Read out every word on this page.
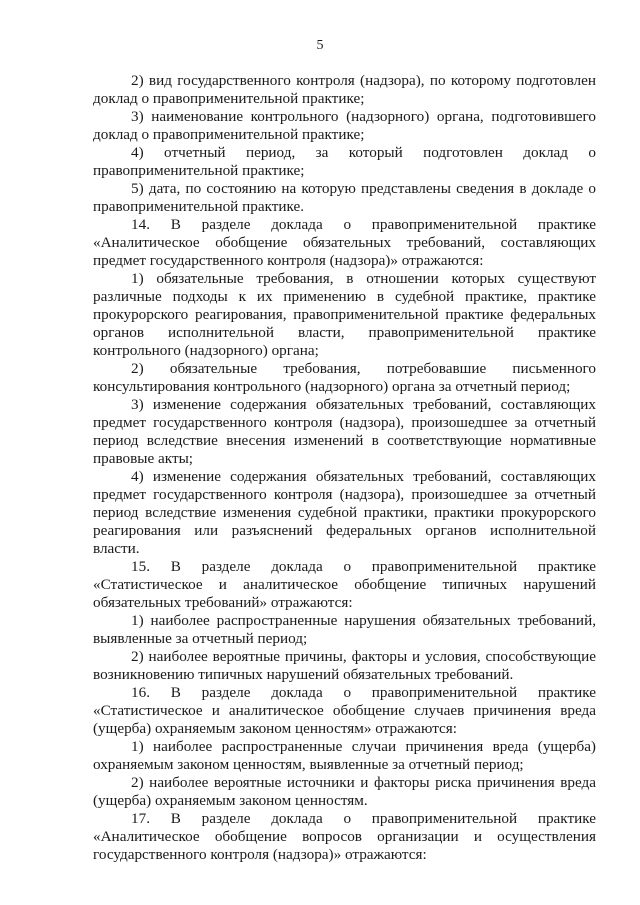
5

2) вид государственного контроля (надзора), по которому подготовлен доклад о правоприменительной практике;

3) наименование контрольного (надзорного) органа, подготовившего доклад о правоприменительной практике;

4) отчетный период, за который подготовлен доклад о правоприменительной практике;

5) дата, по состоянию на которую представлены сведения в докладе о правоприменительной практике.

14. В разделе доклада о правоприменительной практике «Аналитическое обобщение обязательных требований, составляющих предмет государственного контроля (надзора)» отражаются:

1) обязательные требования, в отношении которых существуют различные подходы к их применению в судебной практике, практике прокурорского реагирования, правоприменительной практике федеральных органов исполнительной власти, правоприменительной практике контрольного (надзорного) органа;

2) обязательные требования, потребовавшие письменного консультирования контрольного (надзорного) органа за отчетный период;

3) изменение содержания обязательных требований, составляющих предмет государственного контроля (надзора), произошедшее за отчетный период вследствие внесения изменений в соответствующие нормативные правовые акты;

4) изменение содержания обязательных требований, составляющих предмет государственного контроля (надзора), произошедшее за отчетный период вследствие изменения судебной практики, практики прокурорского реагирования или разъяснений федеральных органов исполнительной власти.

15. В разделе доклада о правоприменительной практике «Статистическое и аналитическое обобщение типичных нарушений обязательных требований» отражаются:

1) наиболее распространенные нарушения обязательных требований, выявленные за отчетный период;

2) наиболее вероятные причины, факторы и условия, способствующие возникновению типичных нарушений обязательных требований.

16. В разделе доклада о правоприменительной практике «Статистическое и аналитическое обобщение случаев причинения вреда (ущерба) охраняемым законом ценностям» отражаются:

1) наиболее распространенные случаи причинения вреда (ущерба) охраняемым законом ценностям, выявленные за отчетный период;

2) наиболее вероятные источники и факторы риска причинения вреда (ущерба) охраняемым законом ценностям.

17. В разделе доклада о правоприменительной практике «Аналитическое обобщение вопросов организации и осуществления государственного контроля (надзора)» отражаются:
